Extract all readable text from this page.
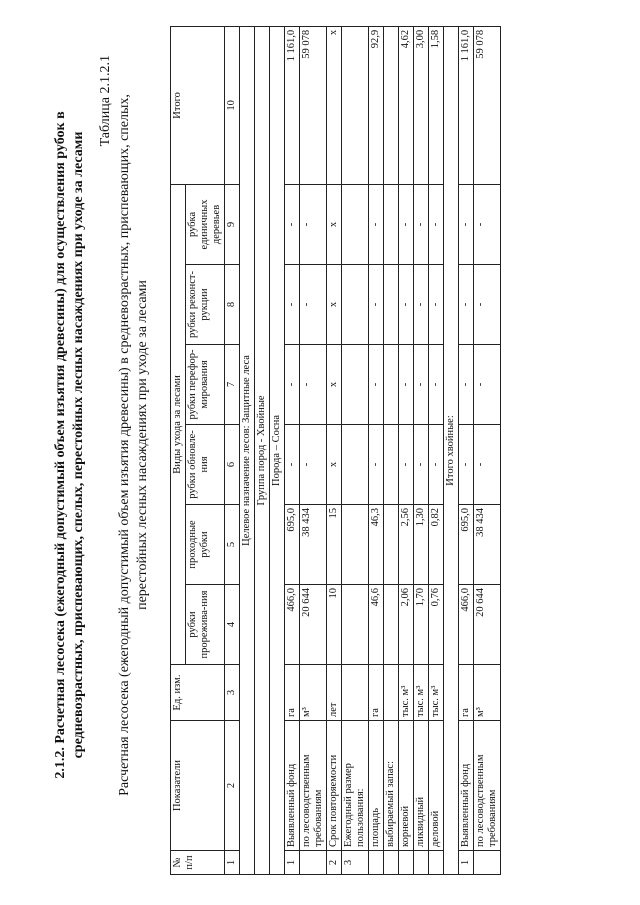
2.1.2. Расчетная лесосека (ежегодный допустимый объем изъятия древесины) для осуществления рубок в средневозрастных, приспевающих, спелых, перестойных лесных насаждениях при уходе за лесами
Таблица 2.1.2.1 Расчетная лесосека (ежегодный допустимый объем изъятия древесины) в средневозрастных, приспевающих, спелых, перестойных лесных насаждениях при уходе за лесами
№ п/п	Показатели	Ед. изм.	Виды ухода за лесами						Итого
			рубки прорежива-ния	проходные рубки	рубки обновле-ния	рубки перефор-мирования	рубки реконст-рукции	рубка единичных деревьев	
1	2	3	4	5	6	7	8	9	10
Целевое назначение лесов: Защитные леса									
Группа пород - Хвойные									
Порода – Сосна									
1	Выявленный фонд	га	466,0	695,0	-	-	-	-	1 161,0
	по лесоводственным требованиям	м³	20 644	38 434	-	-	-	-	59 078
2	Срок повторяемости	лет	10	15	х	х	х	х	х
3	Ежегодный размер пользования:								
	площадь	га	46,6	46,3	-	-	-	-	92,9
	выбираемый запас:								
	корневой	тыс. м³	2,06	2,56	-	-	-	-	4,62
	ликвидный	тыс. м³	1,70	1,30	-	-	-	-	3,00
	деловой	тыс. м³	0,76	0,82	-	-	-	-	1,58
Итого хвойные:									
1	Выявленный фонд	га	466,0	695,0	-	-	-	-	1 161,0
	по лесоводственным требованиям	м³	20 644	38 434	-	-	-	-	59 078
